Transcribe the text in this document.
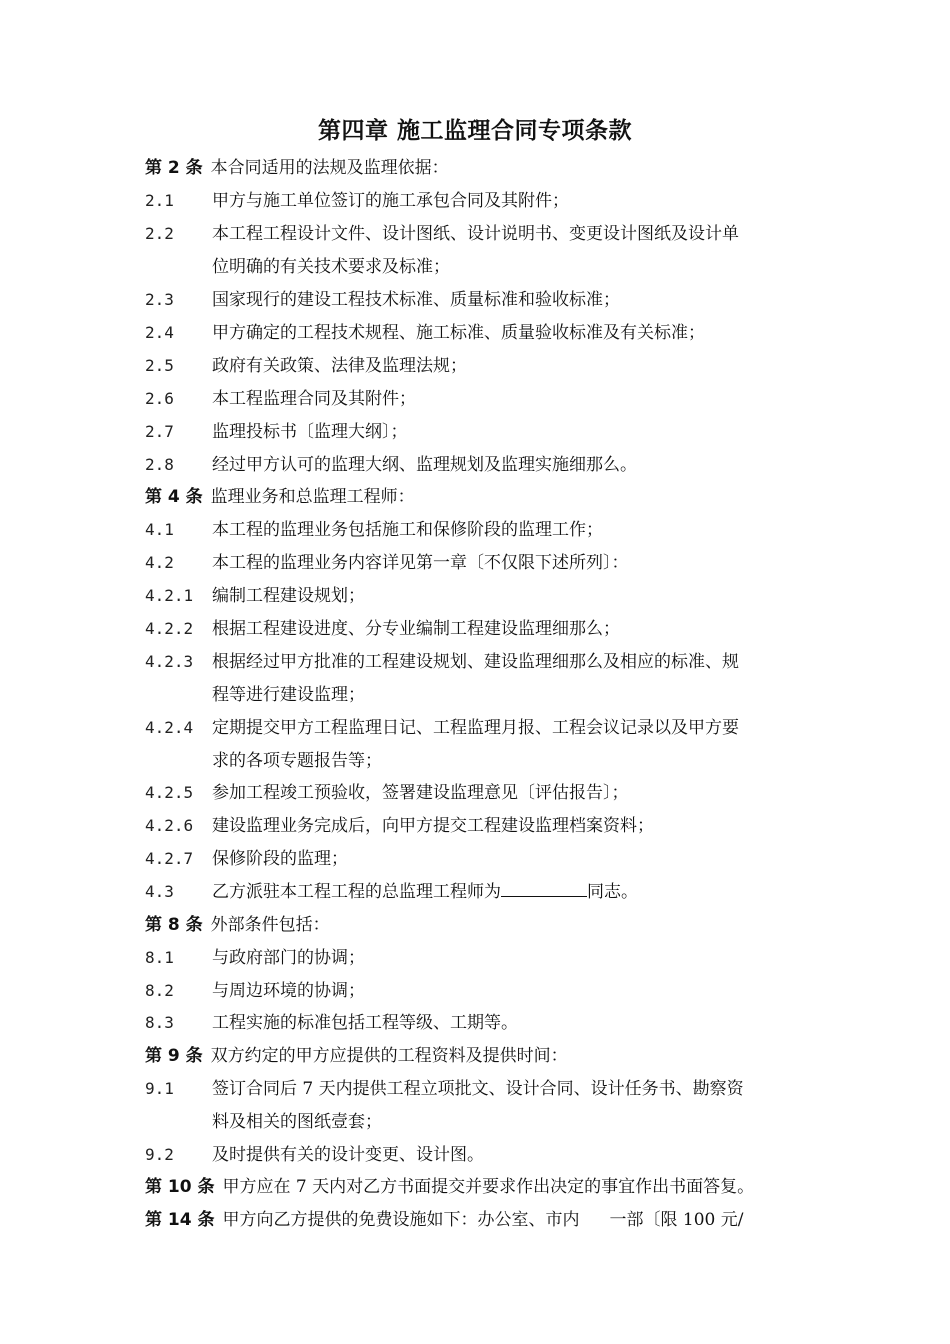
第四章 施工监理合同专项条款
第 2 条 本合同适用的法规及监理依据：
2.1 甲方与施工单位签订的施工承包合同及其附件；
2.2 本工程工程设计文件、设计图纸、设计说明书、变更设计图纸及设计单
位明确的有关技术要求及标准；
2.3 国家现行的建设工程技术标准、质量标准和验收标准；
2.4 甲方确定的工程技术规程、施工标准、质量验收标准及有关标准；
2.5 政府有关政策、法律及监理法规；
2.6 本工程监理合同及其附件；
2.7 监理投标书〔监理大纲〕；
2.8 经过甲方认可的监理大纲、监理规划及监理实施细那么。
第 4 条 监理业务和总监理工程师：
4.1 本工程的监理业务包括施工和保修阶段的监理工作；
4.2 本工程的监理业务内容详见第一章〔不仅限下述所列〕：
4.2.1 编制工程建设规划；
4.2.2 根据工程建设进度、分专业编制工程建设监理细那么；
4.2.3 根据经过甲方批准的工程建设规划、建设监理细那么及相应的标准、规
程等进行建设监理；
4.2.4 定期提交甲方工程监理日记、工程监理月报、工程会议记录以及甲方要
求的各项专题报告等；
4.2.5 参加工程竣工预验收，签署建设监理意见〔评估报告〕；
4.2.6 建设监理业务完成后，向甲方提交工程建设监理档案资料；
4.2.7 保修阶段的监理；
4.3 乙方派驻本工程工程的总监理工程师为	同志。
第 8 条 外部条件包括：
8.1 与政府部门的协调；
8.2 与周边环境的协调；
8.3 工程实施的标准包括工程等级、工期等。
第 9 条 双方约定的甲方应提供的工程资料及提供时间：
9.1 签订合同后 7 天内提供工程立项批文、设计合同、设计任务书、勘察资
料及相关的图纸壹套；
9.2 及时提供有关的设计变更、设计图。
第 10 条 甲方应在 7 天内对乙方书面提交并要求作出决定的事宜作出书面答复。
第 14 条 甲方向乙方提供的免费设施如下：办公室、市内 一部〔限 100 元/
